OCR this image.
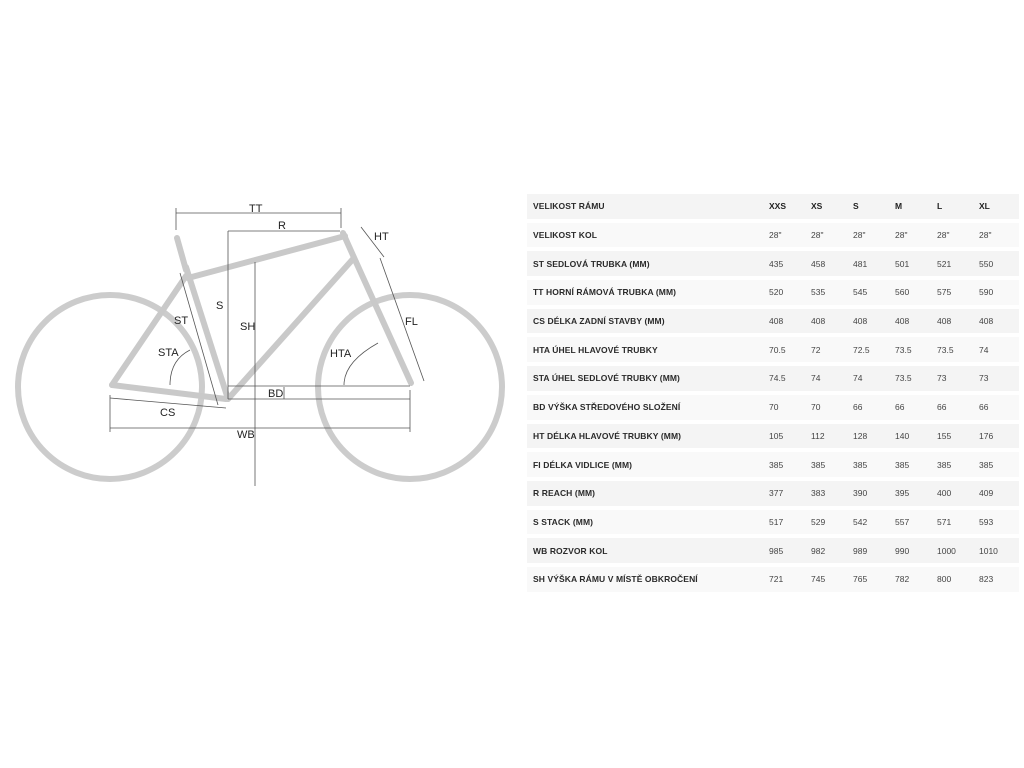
TT
R
HT
S
SH
ST
STA	HTA
FL
BD
CS
WB
VELIKOST RÁMU	XXS	XS	S	M	L	XL
VELIKOST KOL	28"	28"	28"	28"	28"	28"
ST SEDLOVÁ TRUBKA (MM)	435	458	481	501	521	550
TT HORNÍ RÁMOVÁ TRUBKA (MM)	520	535	545	560	575	590
CS DÉLKA ZADNÍ STAVBY (MM)	408	408	408	408	408	408
HTA ÚHEL HLAVOVÉ TRUBKY	70.5	72	72.5	73.5	73.5	74
STA ÚHEL SEDLOVÉ TRUBKY (MM)	74.5	74	74	73.5	73	73
BD VÝŠKA STŘEDOVÉHO SLOŽENÍ	70	70	66	66	66	66
HT DÉLKA HLAVOVÉ TRUBKY (MM)	105	112	128	140	155	176
FI DÉLKA VIDLICE (MM)	385	385	385	385	385	385
R REACH (MM)	377	383	390	395	400	409
S STACK (MM)	517	529	542	557	571	593
WB ROZVOR KOL	985	982	989	990	1000	1010
SH VÝŠKA RÁMU V MÍSTĚ OBKROČENÍ	721	745	765	782	800	823
